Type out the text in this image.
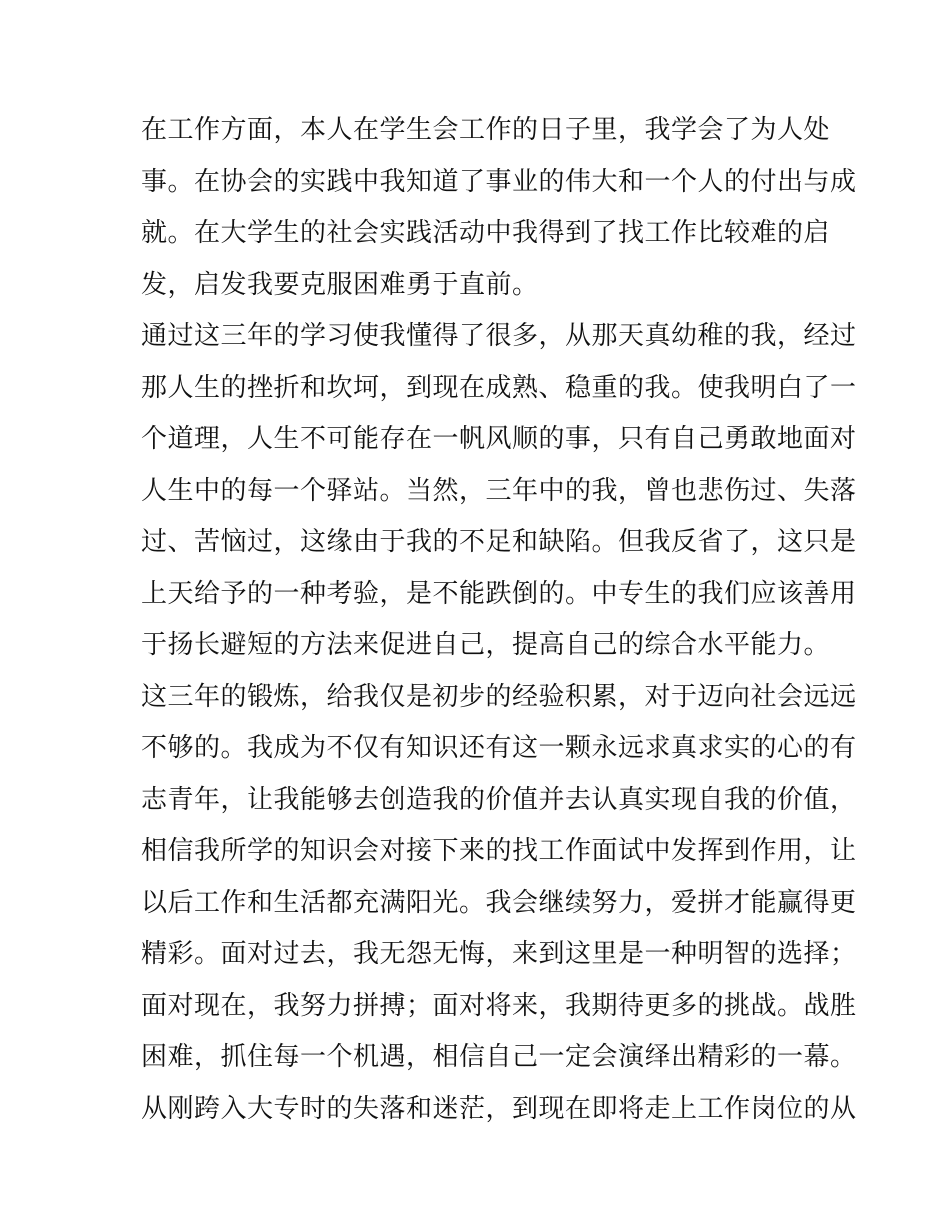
在工作方面，本人在学生会工作的日子里，我学会了为人处
事。在协会的实践中我知道了事业的伟大和一个人的付出与成
就。在大学生的社会实践活动中我得到了找工作比较难的启
发，启发我要克服困难勇于直前。
通过这三年的学习使我懂得了很多，从那天真幼稚的我，经过
那人生的挫折和坎坷，到现在成熟、稳重的我。使我明白了一
个道理，人生不可能存在一帆风顺的事，只有自己勇敢地面对
人生中的每一个驿站。当然，三年中的我，曾也悲伤过、失落
过、苦恼过，这缘由于我的不足和缺陷。但我反省了，这只是
上天给予的一种考验，是不能跌倒的。中专生的我们应该善用
于扬长避短的方法来促进自己，提高自己的综合水平能力。
这三年的锻炼，给我仅是初步的经验积累，对于迈向社会远远
不够的。我成为不仅有知识还有这一颗永远求真求实的心的有
志青年，让我能够去创造我的价值并去认真实现自我的价值，
相信我所学的知识会对接下来的找工作面试中发挥到作用，让
以后工作和生活都充满阳光。我会继续努力，爱拼才能赢得更
精彩。面对过去，我无怨无悔，来到这里是一种明智的选择；
面对现在，我努力拼搏；面对将来，我期待更多的挑战。战胜
困难，抓住每一个机遇，相信自己一定会演绎出精彩的一幕。
从刚跨入大专时的失落和迷茫，到现在即将走上工作岗位的从
